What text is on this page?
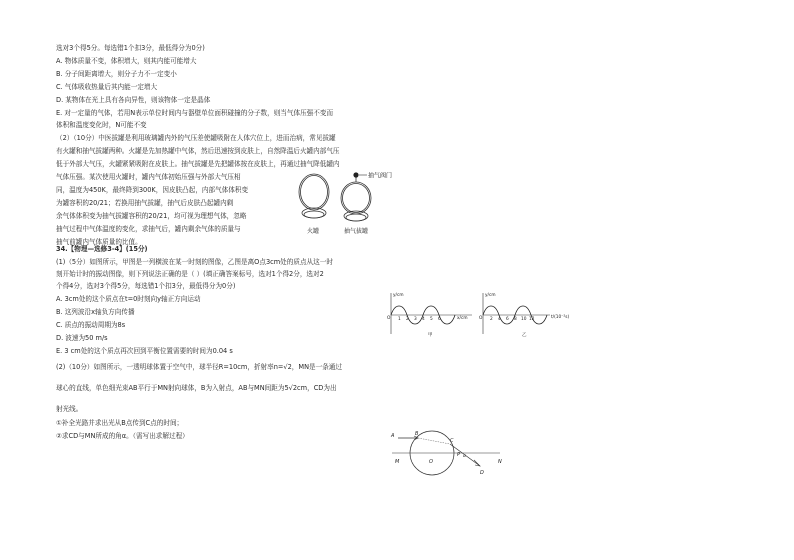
选对3个得5分。每选错1个扣3分，最低得分为0分)
A. 物体质量不变，体积增大，则其内能可能增大
B. 分子间距离增大，则分子力不一定变小
C. 气体吸收热量后其内能一定增大
D. 某物体在光上具有各向异性，则该物体一定是晶体
E. 对一定量的气体，若用N表示单位时间内与器壁单位面积碰撞的分子数，则当气体压强不变而
体积和温度变化时，N可能不变
（2）（10分）中医拔罐是利用玻璃罐内外的气压差使罐吸附在人体穴位上，进而治病，常见拔罐
有火罐和抽气拔罐两种。火罐是先加热罐中气体，然后迅速按到皮肤上，自然降温后火罐内部气压
低于外部大气压，火罐紧紧吸附在皮肤上。抽气拔罐是先把罐体按在皮肤上，再通过抽气降低罐内
气体压强。某次使用火罐时，罐内气体初始压强与外部大气压相
同，温度为450K，最终降到300K，因皮肤凸起，内部气体体积变
为罐容积的20/21；若换用抽气拔罐，抽气后皮肤凸起罐内剩
余气体体积变为抽气拔罐容积的20/21，均可视为理想气体，忽略
抽气过程中气体温度的变化，求抽气后，罐内剩余气体的质量与
抽气前罐内气体质量的比值。
抽气阀门
火罐	抽气拔罐
34.【物理—选修3-4】(15分)
(1)（5分）如图所示，甲图是一列横波在某一时刻的图像，乙图是离O点3cm处的质点从这一时
刻开始计时的振动图像，则下列说法正确的是（ ）(填正确答案标号，选对1个得2分，选对2
个得4分，选对3个得5分，每选错1个扣3分，最低得分为0分)
A. 3cm处的这个质点在t=0时刻向y轴正方向运动
B. 这列波沿x轴负方向传播
C. 质点的振动周期为8s
D. 波速为50 m/s
E. 3 cm处的这个质点再次回到平衡位置需要的时间为0.04 s
y/cm
x/cm
O 1 2 3 4 5 6
甲
y/cm
t/(10⁻²s)
O 2 4 6 8 10 12
乙
(2)（10分）如图所示，一透明球体置于空气中，球半径R=10cm，折射率n=√2，MN是一条通过
球心的直线，单色细光束AB平行于MN射向球体，B为入射点，AB与MN间距为5√2cm，CD为出
射光线。
①补全光路并求出光从B点传到C点的时间；
②求CD与MN所成的角α。（需写出求解过程）	A	B
C
D
M	N
O
P α
